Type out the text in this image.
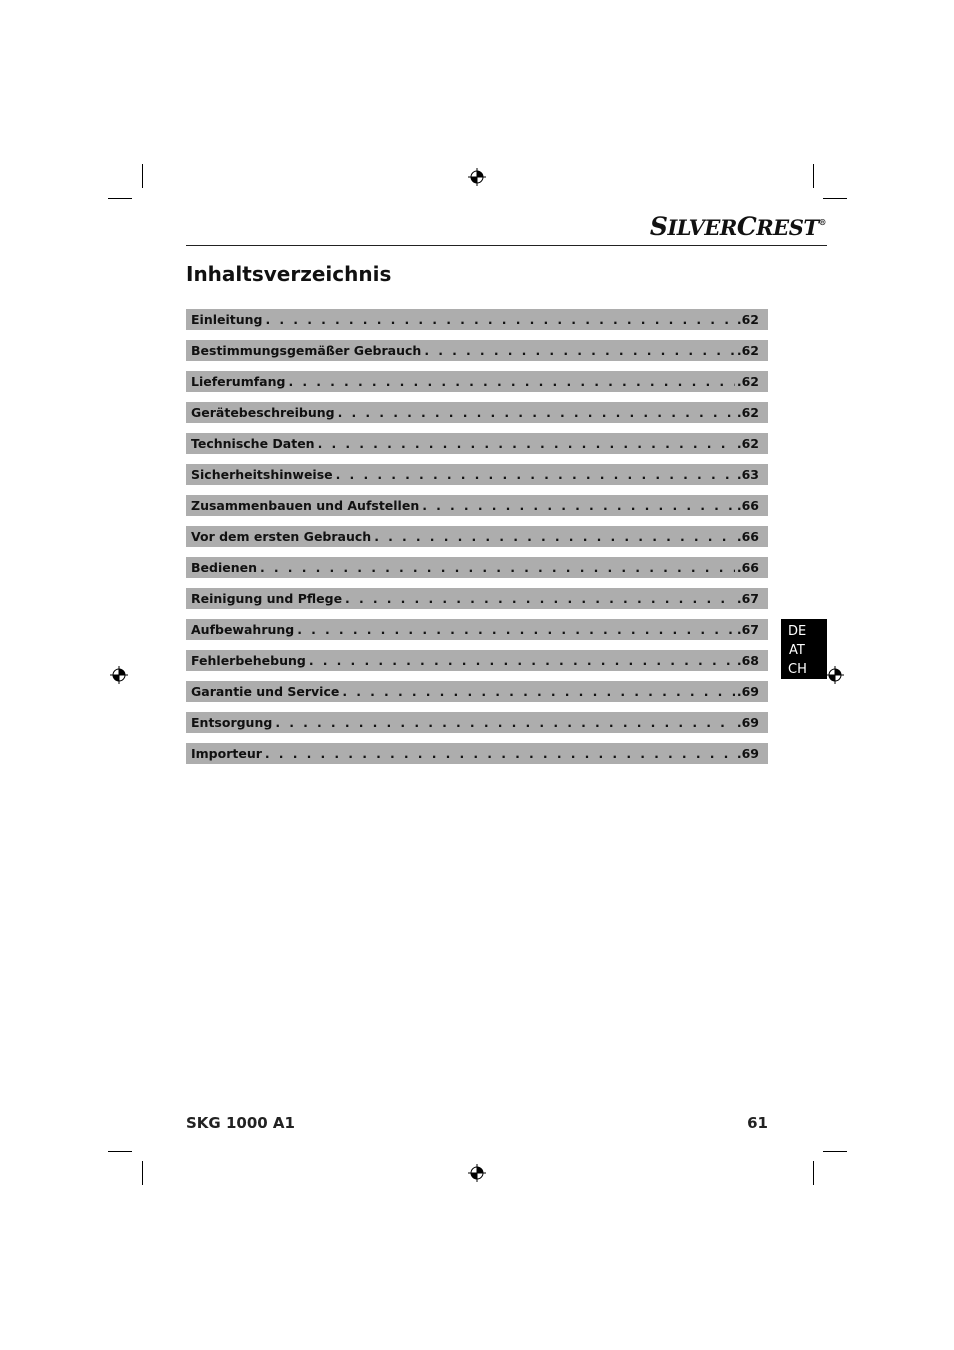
SILVERCREST®
Inhaltsverzeichnis
Einleitung . . .	.62
Bestimmungsgemäßer Gebrauch . . .	.62
Lieferumfang . . .	.62
Gerätebeschreibung . . .	.62
Technische Daten . . .	.62
Sicherheitshinweise . . .	.63
Zusammenbauen und Aufstellen . . .	.66
Vor dem ersten Gebrauch . . .	.66
Bedienen . . .	.66
Reinigung und Pflege . . .	.67
Aufbewahrung . . .	.67
Fehlerbehebung . . .	.68
Garantie und Service . . .	.69
Entsorgung . . .	.69
Importeur . . .	.69
DE
AT
CH
SKG 1000 A1	61
